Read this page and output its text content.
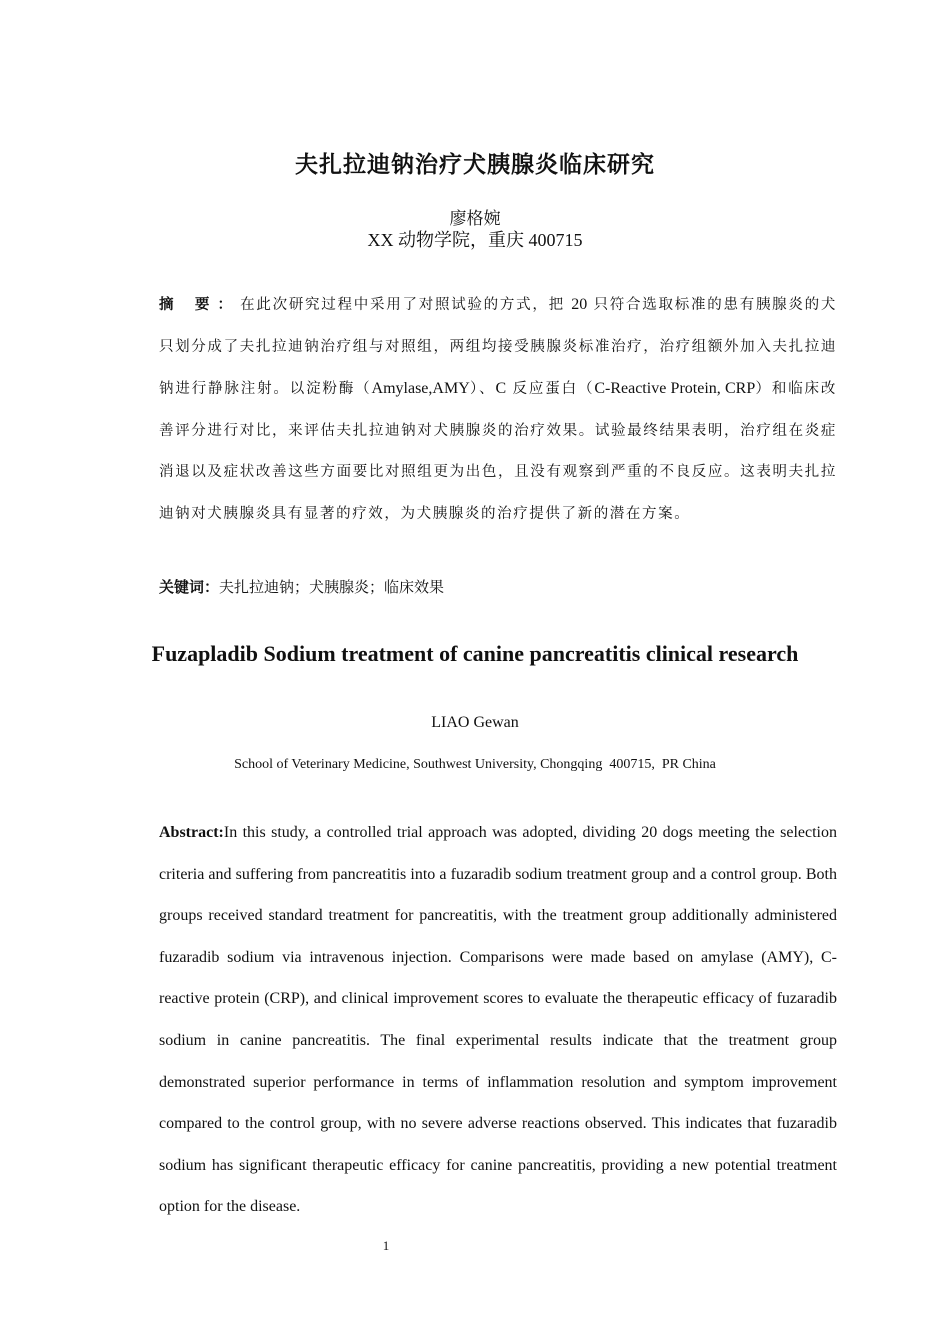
夫扎拉迪钠治疗犬胰腺炎临床研究
廖格婉
XX 动物学院，重庆 400715
摘 要：在此次研究过程中采用了对照试验的方式，把 20 只符合选取标准的患有胰腺炎的犬只划分成了夫扎拉迪钠治疗组与对照组，两组均接受胰腺炎标准治疗，治疗组额外加入夫扎拉迪钠进行静脉注射。以淀粉酶（Amylase,AMY）、C 反应蛋白（C-Reactive Protein, CRP）和临床改善评分进行对比，来评估夫扎拉迪钠对犬胰腺炎的治疗效果。试验最终结果表明，治疗组在炎症消退以及症状改善这些方面要比对照组更为出色，且没有观察到严重的不良反应。这表明夫扎拉迪钠对犬胰腺炎具有显著的疗效，为犬胰腺炎的治疗提供了新的潜在方案。
关键词：夫扎拉迪钠；犬胰腺炎；临床效果
Fuzapladib Sodium treatment of canine pancreatitis clinical research
LIAO Gewan
School of Veterinary Medicine, Southwest University, Chongqing  400715,  PR China
Abstract:In this study, a controlled trial approach was adopted, dividing 20 dogs meeting the selection criteria and suffering from pancreatitis into a fuzaradib sodium treatment group and a control group. Both groups received standard treatment for pancreatitis, with the treatment group additionally administered fuzaradib sodium via intravenous injection. Comparisons were made based on amylase (AMY), C-reactive protein (CRP), and clinical improvement scores to evaluate the therapeutic efficacy of fuzaradib sodium in canine pancreatitis. The final experimental results indicate that the treatment group demonstrated superior performance in terms of inflammation resolution and symptom improvement compared to the control group, with no severe adverse reactions observed. This indicates that fuzaradib sodium has significant therapeutic efficacy for canine pancreatitis, providing a new potential treatment option for the disease.
1
